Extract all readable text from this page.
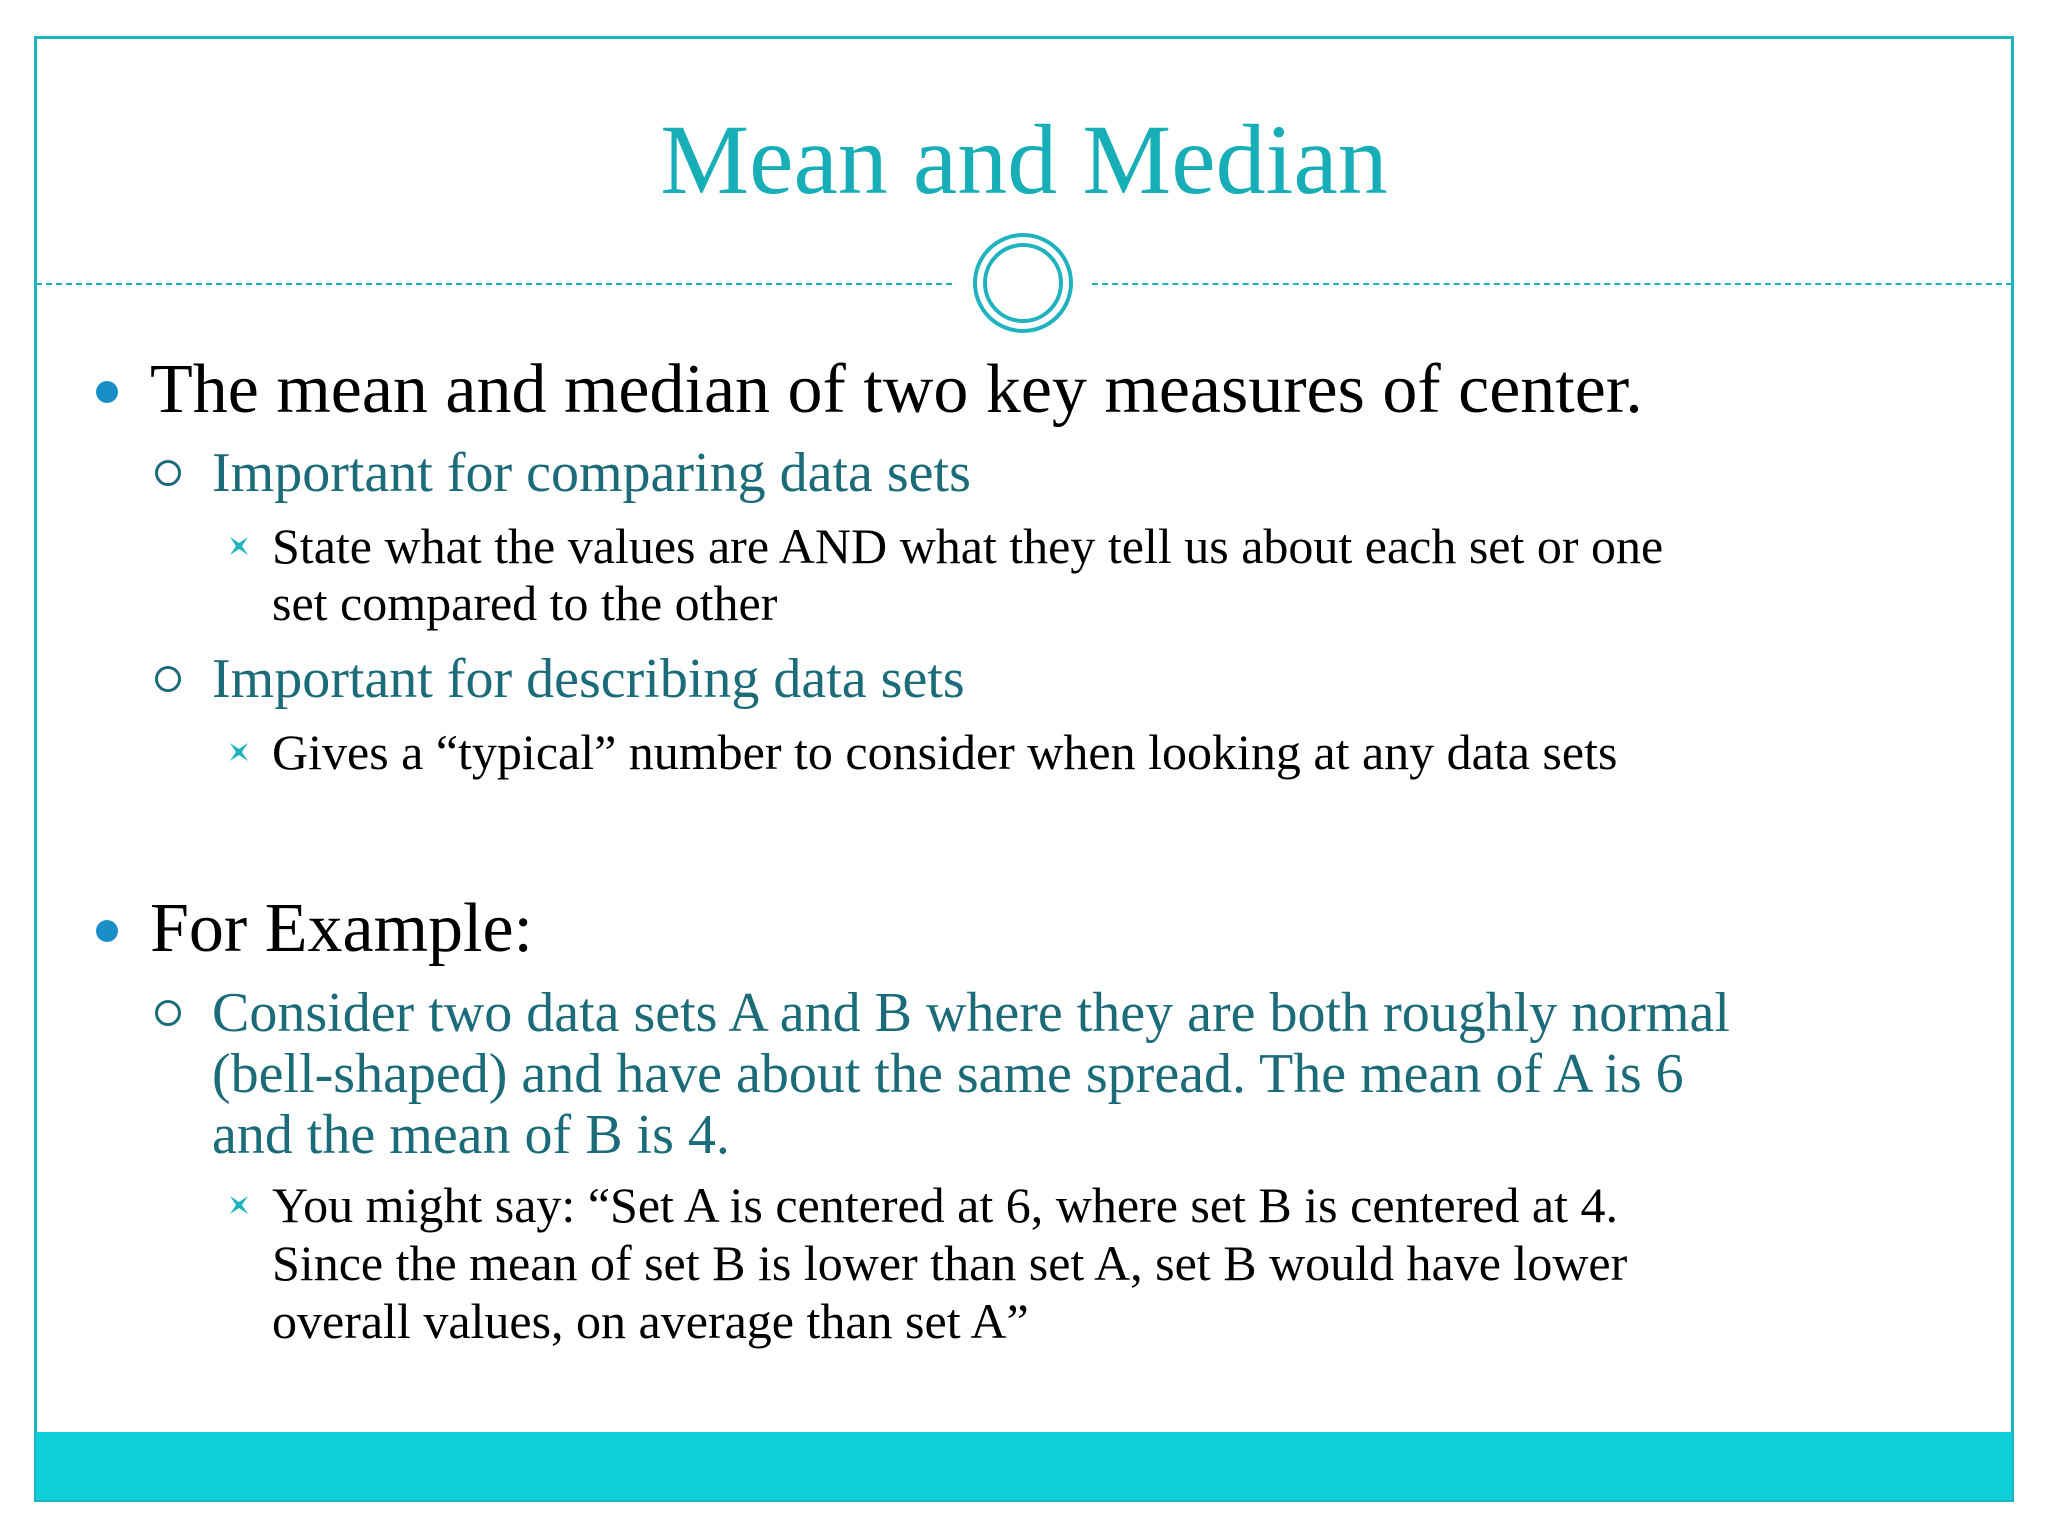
Mean and Median
The mean and median of two key measures of center.
Important for comparing data sets
State what the values are AND what they tell us about each set or one
set compared to the other
Important for describing data sets
Gives a “typical” number to consider when looking at any data sets
For Example:
Consider two data sets A and B where they are both roughly normal
(bell-shaped) and have about the same spread. The mean of A is 6
and the mean of B is 4.
You might say: “Set A is centered at 6, where set B is centered at 4.
Since the mean of set B is lower than set A, set B would have lower
overall values, on average than set A”
